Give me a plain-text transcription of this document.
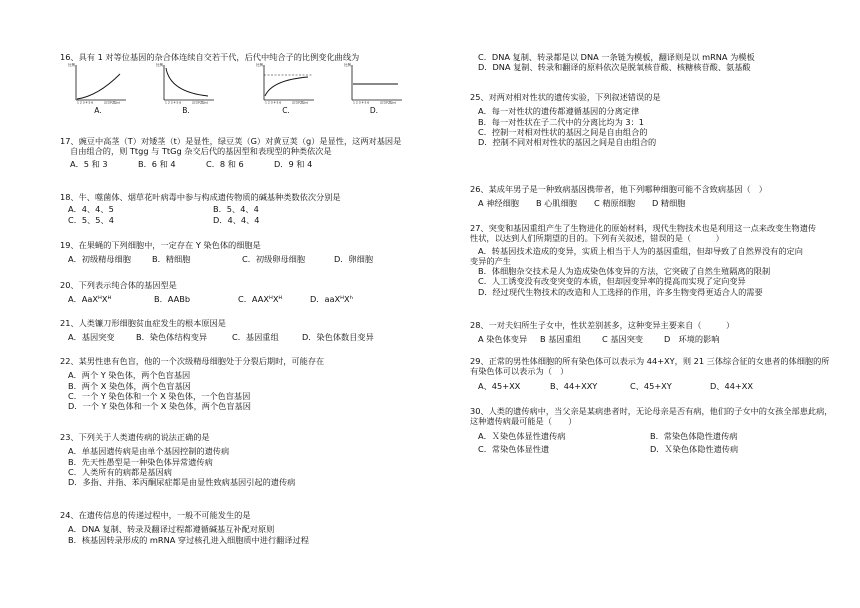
16、具有 1 对等位基因的杂合体连续自交若干代，后代中纯合子的比例变化曲线为
比例
1 2 3 4 5 6	自交代数(n)
A.
比例
1 2 3 4 5 6	自交代数(n)
B.
比例
1 2 3 4 5 6	自交代数(n)
C.
比例
1 2 3 4 5 6	自交代数(n)
D.
17、豌豆中高茎（T）对矮茎（t）是显性，绿豆荚（G）对黄豆荚（g）是显性，这两对基因是
自由组合的，则 Ttgg 与 TtGg 杂交后代的基因型和表现型的种类依次是
A．5 和 3	B．6 和 4	C．8 和 6	D．9 和 4
18、牛、噬菌体、烟草花叶病毒中参与构成遗传物质的碱基种类数依次分别是
A．4、4、5	B．5、4、4
C．5、5、4	D．4、4、4
19、在果蝇的下列细胞中，一定存在 Y 染色体的细胞是
A．初级精母细胞	B．精细胞	C．初级卵母细胞	D．卵细胞
20、下列表示纯合体的基因型是
A．AaXᴴXᴴ	B．AABb	C．AAXᴴXᴴ	D．aaXᴴXʰ
21、人类镰刀形细胞贫血症发生的根本原因是
A．基因突变	B．染色体结构变异	C．基因重组	D．染色体数目变异
22、某男性患有色盲，他的一个次级精母细胞处于分裂后期时，可能存在
A．两个 Y 染色体，两个色盲基因
B．两个 X 染色体，两个色盲基因
C．一个 Y 染色体和一个 X 染色体，一个色盲基因
D．一个 Y 染色体和一个 X 染色体，两个色盲基因
23、下列关于人类遗传病的说法正确的是
A．单基因遗传病是由单个基因控制的遗传病
B．先天性愚型是一种染色体异常遗传病
C．人类所有的病都是基因病
D．多指、并指、苯丙酮尿症都是由显性致病基因引起的遗传病
24、在遗传信息的传递过程中，一般不可能发生的是
A．DNA 复制、转录及翻译过程都遵循碱基互补配对原则
B．核基因转录形成的 mRNA 穿过核孔进入细胞质中进行翻译过程
C．DNA 复制、转录都是以 DNA 一条链为模板，翻译则是以 mRNA 为模板
D．DNA 复制、转录和翻译的原料依次是脱氧核苷酸、核糖核苷酸、氨基酸
25、对两对相对性状的遗传实验，下列叙述错误的是
A．每一对性状的遗传都遵循基因的分离定律
B．每一对性状在子二代中的分离比均为 3：1
C．控制一对相对性状的基因之间是自由组合的
D．控制不同对相对性状的基因之间是自由组合的
26、某成年男子是一种致病基因携带者，他下列哪种细胞可能不含致病基因（　）
A 神经细胞	B 心肌细胞	C 精原细胞	D 精细胞
27、突变和基因重组产生了生物进化的原始材料，现代生物技术也是利用这一点来改变生物遗传
性状，以达到人们所期望的目的。下列有关叙述，错误的是（　　　）
A．转基因技术造成的变异，实质上相当于人为的基因重组，但却导致了自然界没有的定向
变异的产生
B．体细胞杂交技术是人为造成染色体变异的方法，它突破了自然生殖隔离的限制
C．人工诱变没有改变突变的本质，但却因变异率的提高而实现了定向变异
D．经过现代生物技术的改造和人工选择的作用，许多生物变得更适合人的需要
28、一对夫妇所生子女中，性状差别甚多，这种变异主要来自（　　　）
A 染色体变异	B 基因重组	C 基因突变	D　环境的影响
29、正常的男性体细胞的所有染色体可以表示为 44+XY，则 21 三体综合征的女患者的体细胞的所
有染色体可以表示为（　）
A、45+XX	B、44+XXY	C、45+XY	D、44+XX
30、人类的遗传病中，当父亲是某病患者时，无论母亲是否有病，他们的子女中的女孩全部患此病，
这种遗传病最可能是（　　）
A．Ｘ染色体显性遗传病	B．常染色体隐性遗传病
C．常染色体显性遗	D．Ｘ染色体隐性遗传病
